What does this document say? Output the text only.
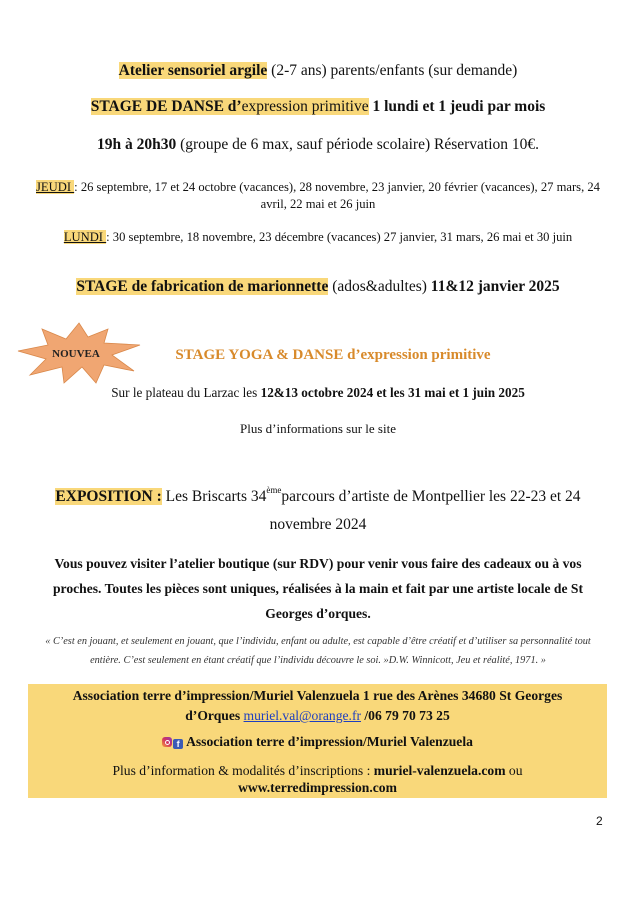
Atelier sensoriel argile (2-7 ans) parents/enfants (sur demande)
STAGE DE DANSE d’expression primitive 1 lundi et 1 jeudi par mois
19h à 20h30 (groupe de 6 max, sauf période scolaire) Réservation 10€.
JEUDI : 26 septembre, 17 et 24 octobre (vacances), 28 novembre, 23 janvier, 20 février (vacances), 27 mars, 24 avril, 22 mai et 26 juin
LUNDI : 30 septembre, 18 novembre, 23 décembre (vacances) 27 janvier, 31 mars, 26 mai et 30 juin
STAGE de fabrication de marionnette (ados&adultes) 11&12 janvier 2025
NOUVEA	STAGE YOGA & DANSE d’expression primitive
Sur le plateau du Larzac les 12&13 octobre 2024 et les 31 mai et 1 juin 2025
Plus d’informations sur le site
EXPOSITION : Les Briscarts 34èmeparcours d’artiste de Montpellier les 22-23 et 24
novembre 2024
Vous pouvez visiter l’atelier boutique (sur RDV) pour venir vous faire des cadeaux ou à vos proches. Toutes les pièces sont uniques, réalisées à la main et fait par une artiste locale de St Georges d’orques.
« C’est en jouant, et seulement en jouant, que l’individu, enfant ou adulte, est capable d’être créatif et d’utiliser sa personnalité tout entière. C’est seulement en étant créatif que l’individu découvre le soi. »D.W. Winnicott, Jeu et réalité, 1971. »
Association terre d’impression/Muriel Valenzuela 1 rue des Arènes 34680 St Georges
d’Orques muriel.val@orange.fr /06 79 70 73 25
f Association terre d’impression/Muriel Valenzuela
Plus d’information & modalités d’inscriptions : muriel-valenzuela.com ou
www.terredimpression.com
2
